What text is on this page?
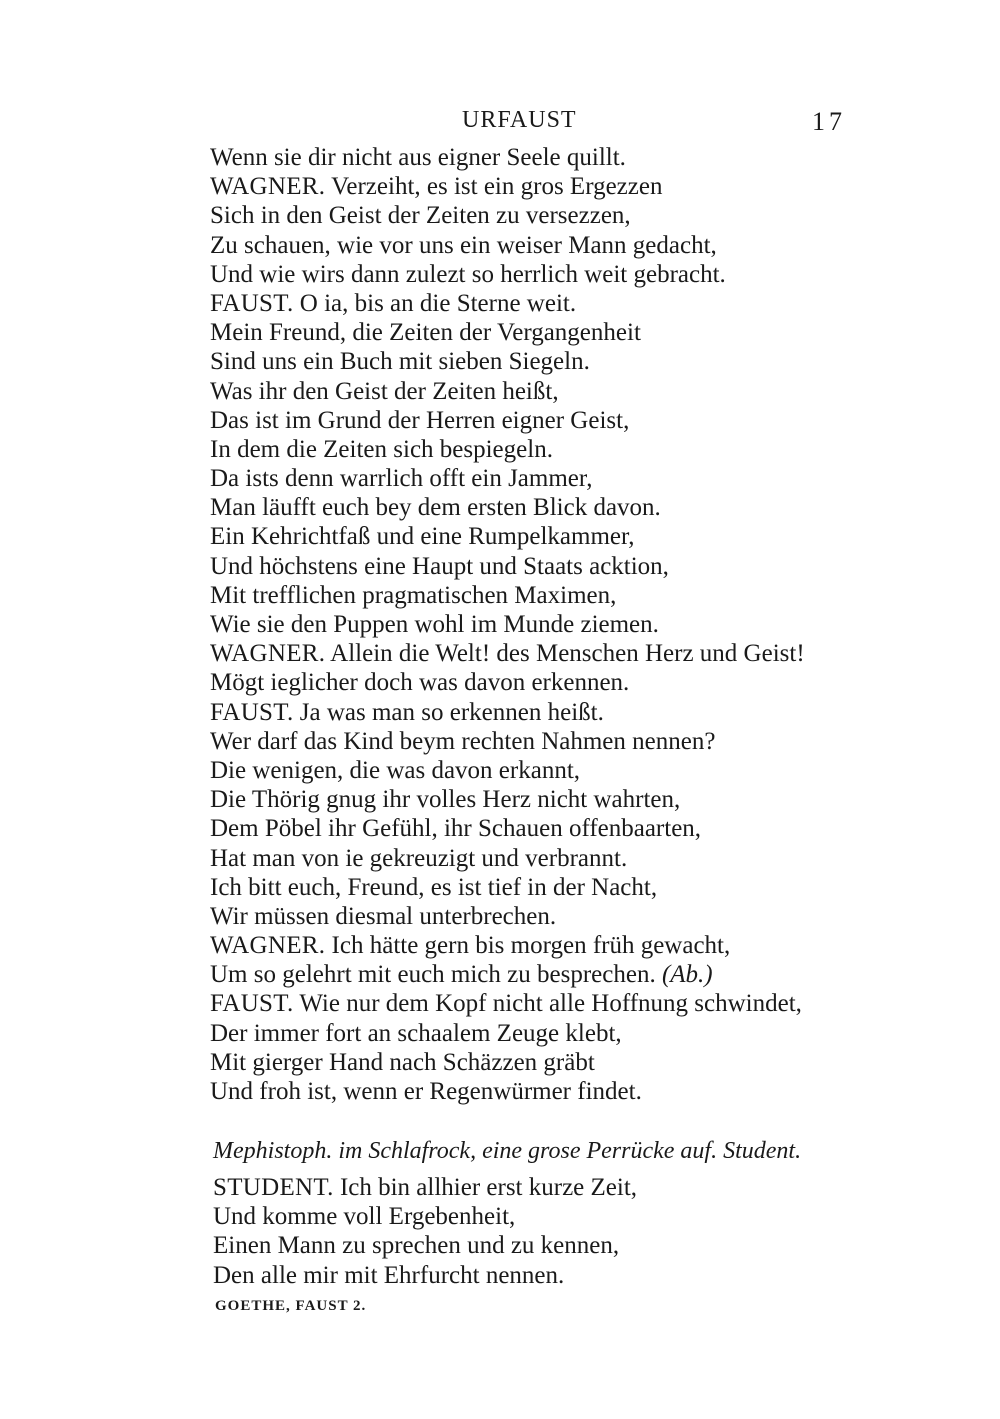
URFAUST	17
Wenn sie dir nicht aus eigner Seele quillt.
WAGNER. Verzeiht, es ist ein gros Ergezzen
Sich in den Geist der Zeiten zu versezzen,
Zu schauen, wie vor uns ein weiser Mann gedacht,
Und wie wirs dann zulezt so herrlich weit gebracht.
FAUST. O ia, bis an die Sterne weit.
Mein Freund, die Zeiten der Vergangenheit
Sind uns ein Buch mit sieben Siegeln.
Was ihr den Geist der Zeiten heißt,
Das ist im Grund der Herren eigner Geist,
In dem die Zeiten sich bespiegeln.
Da ists denn warrlich offt ein Jammer,
Man läufft euch bey dem ersten Blick davon.
Ein Kehrichtfaß und eine Rumpelkammer,
Und höchstens eine Haupt und Staats acktion,
Mit trefflichen pragmatischen Maximen,
Wie sie den Puppen wohl im Munde ziemen.
WAGNER. Allein die Welt! des Menschen Herz und Geist!
Mögt ieglicher doch was davon erkennen.
FAUST. Ja was man so erkennen heißt.
Wer darf das Kind beym rechten Nahmen nennen?
Die wenigen, die was davon erkannt,
Die Thörig gnug ihr volles Herz nicht wahrten,
Dem Pöbel ihr Gefühl, ihr Schauen offenbaarten,
Hat man von ie gekreuzigt und verbrannt.
Ich bitt euch, Freund, es ist tief in der Nacht,
Wir müssen diesmal unterbrechen.
WAGNER. Ich hätte gern bis morgen früh gewacht,
Um so gelehrt mit euch mich zu besprechen. (Ab.)
FAUST. Wie nur dem Kopf nicht alle Hoffnung schwindet,
Der immer fort an schaalem Zeuge klebt,
Mit gierger Hand nach Schäzzen gräbt
Und froh ist, wenn er Regenwürmer findet.
Mephistoph. im Schlafrock, eine grose Perrücke auf. Student.
STUDENT. Ich bin allhier erst kurze Zeit,
Und komme voll Ergebenheit,
Einen Mann zu sprechen und zu kennen,
Den alle mir mit Ehrfurcht nennen.
GOETHE, FAUST 2.
